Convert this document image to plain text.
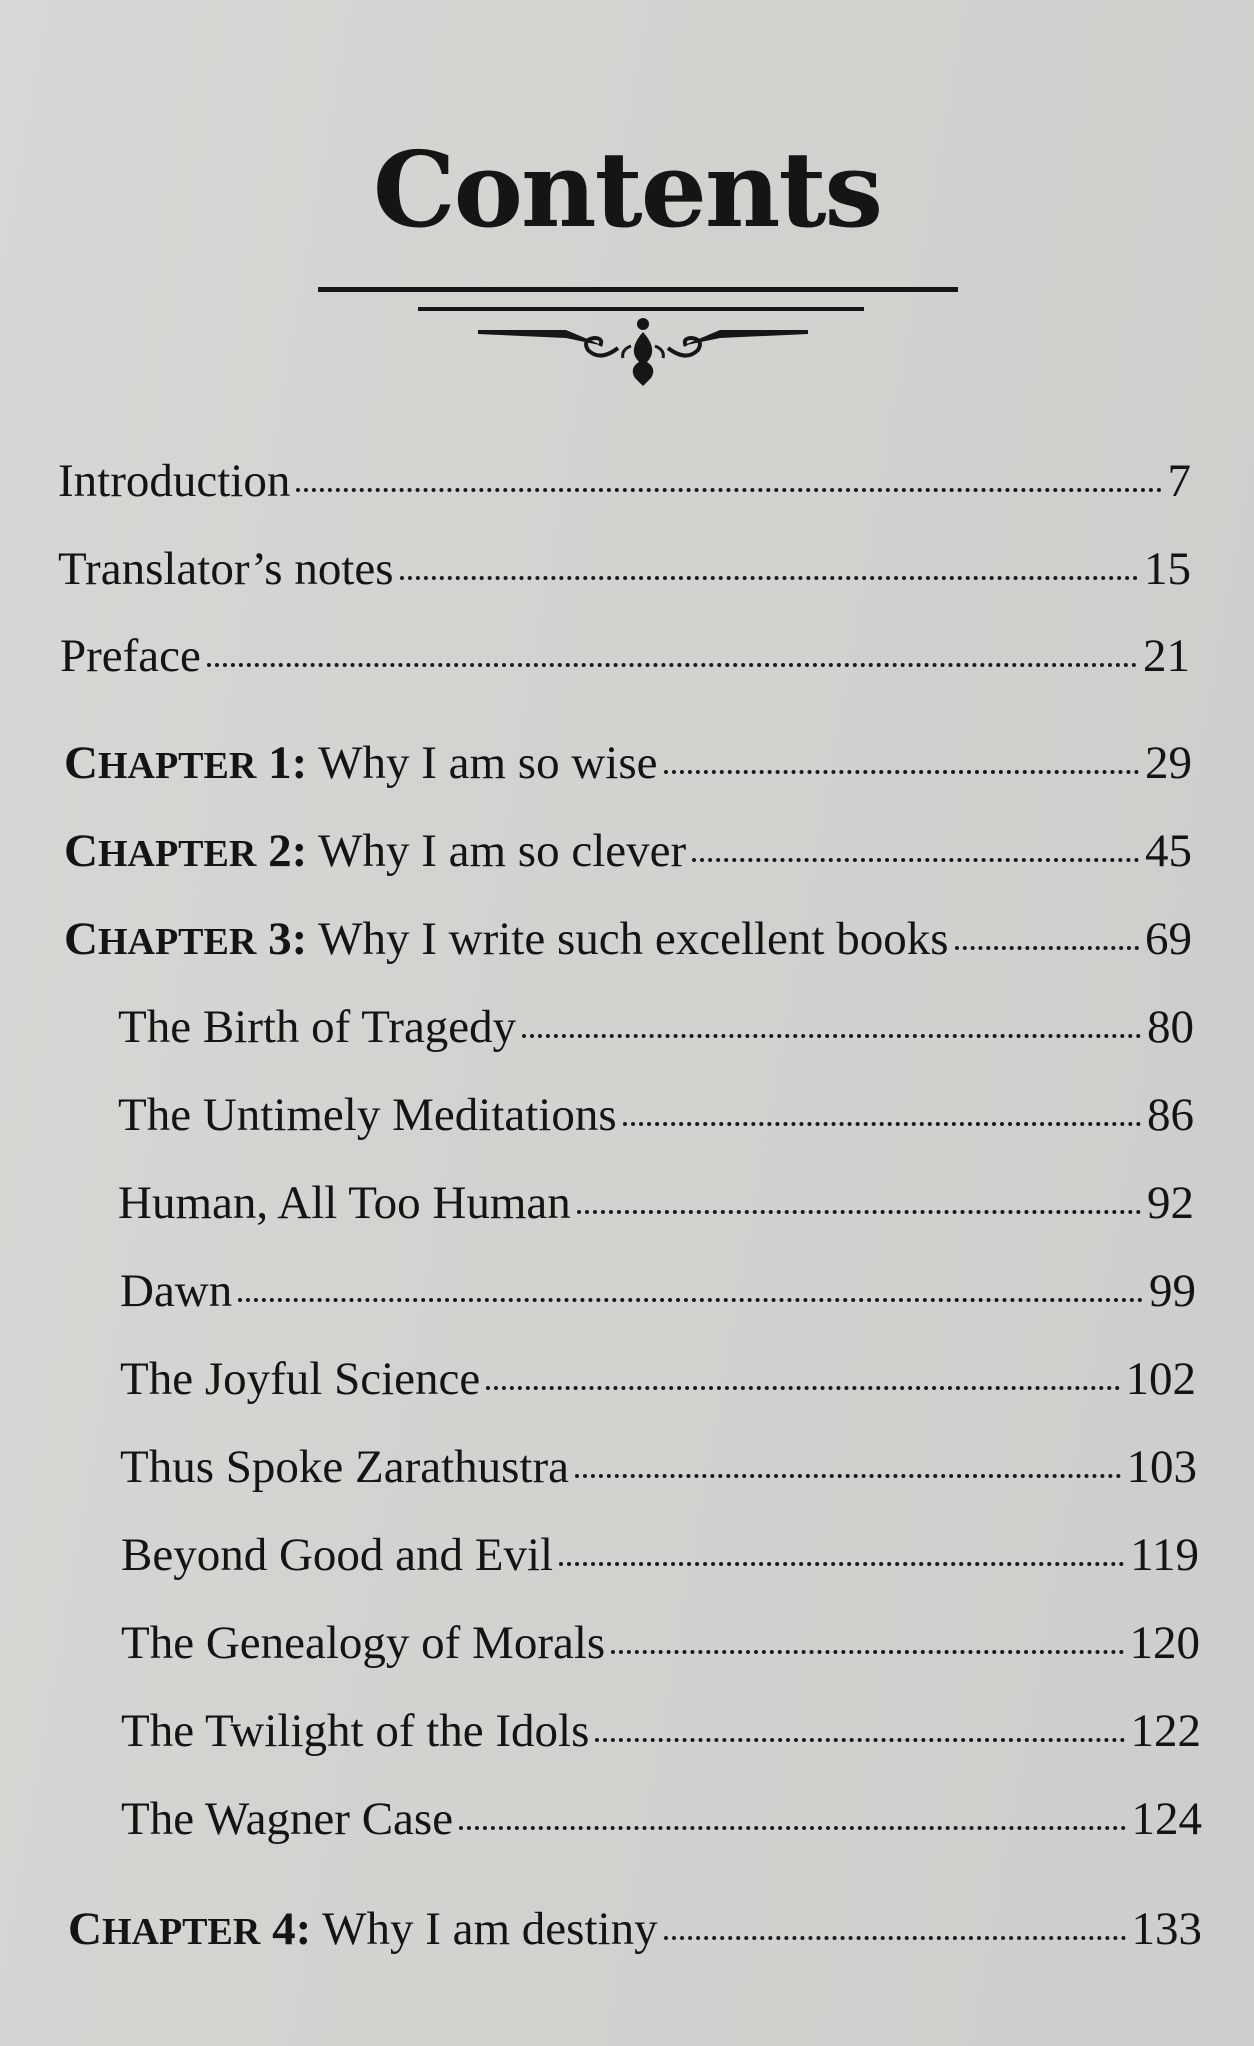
Contents
Introduction	7
Translator’s notes	15
Preface	21
CHAPTER 1: Why I am so wise	29
CHAPTER 2: Why I am so clever	45
CHAPTER 3: Why I write such excellent books	69
The Birth of Tragedy	80
The Untimely Meditations	86
Human, All Too Human	92
Dawn	99
The Joyful Science	102
Thus Spoke Zarathustra	103
Beyond Good and Evil	119
The Genealogy of Morals	120
The Twilight of the Idols	122
The Wagner Case	124
CHAPTER 4: Why I am destiny	133
